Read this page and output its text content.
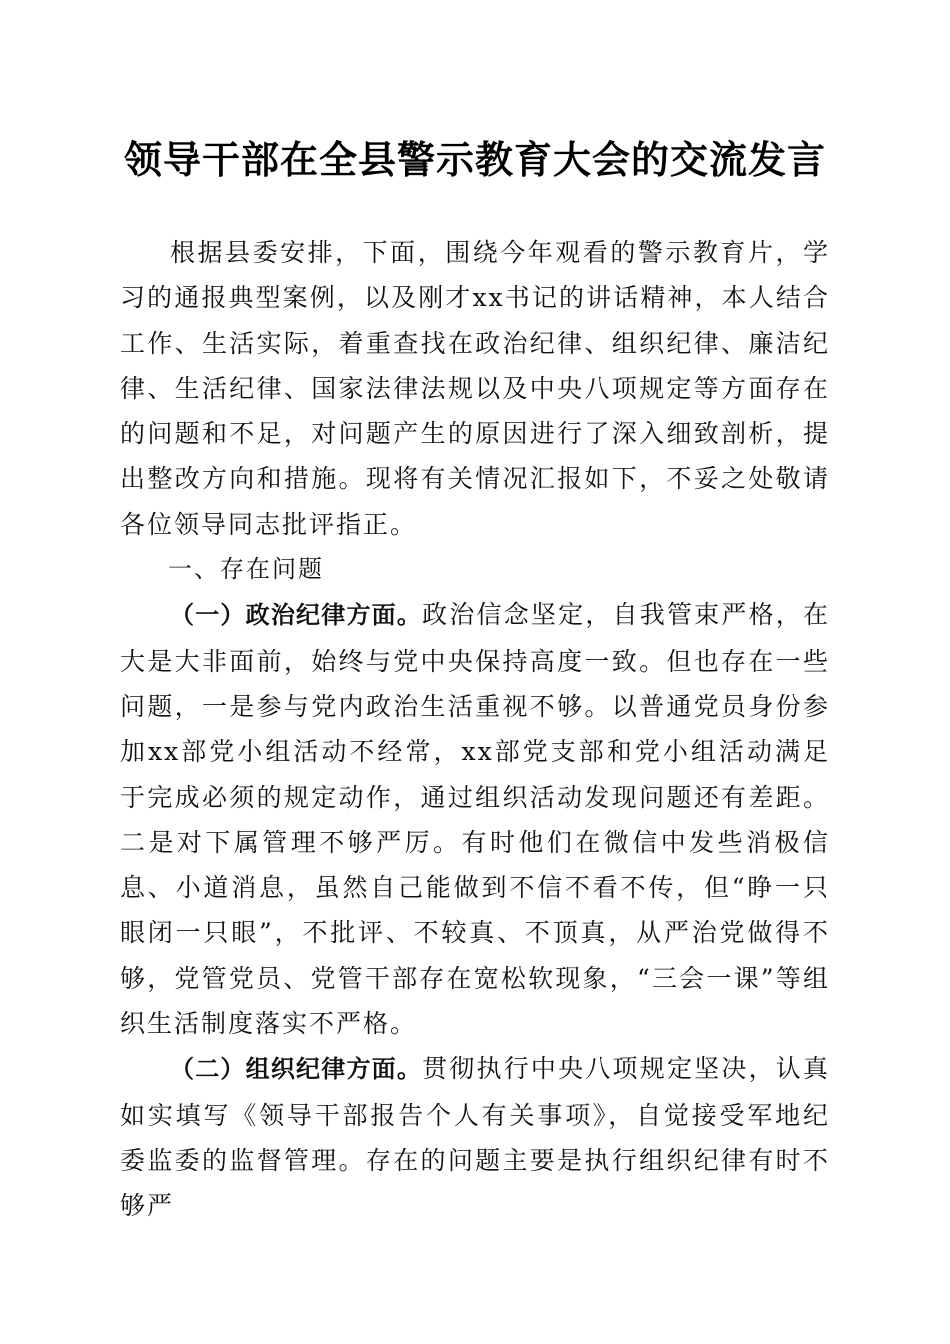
领导干部在全县警示教育大会的交流发言

根据县委安排，下面，围绕今年观看的警示教育片，学习的通报典型案例，以及刚才xx书记的讲话精神，本人结合工作、生活实际，着重查找在政治纪律、组织纪律、廉洁纪律、生活纪律、国家法律法规以及中央八项规定等方面存在的问题和不足，对问题产生的原因进行了深入细致剖析，提出整改方向和措施。现将有关情况汇报如下，不妥之处敬请各位领导同志批评指正。

一、存在问题

（一）政治纪律方面。政治信念坚定，自我管束严格，在大是大非面前，始终与党中央保持高度一致。但也存在一些问题，一是参与党内政治生活重视不够。以普通党员身份参加xx部党小组活动不经常，xx部党支部和党小组活动满足于完成必须的规定动作，通过组织活动发现问题还有差距。二是对下属管理不够严厉。有时他们在微信中发些消极信息、小道消息，虽然自己能做到不信不看不传，但“睁一只眼闭一只眼”，不批评、不较真、不顶真，从严治党做得不够，党管党员、党管干部存在宽松软现象，“三会一课”等组织生活制度落实不严格。

（二）组织纪律方面。贯彻执行中央八项规定坚决，认真如实填写《领导干部报告个人有关事项》，自觉接受军地纪委监委的监督管理。存在的问题主要是执行组织纪律有时不够严
